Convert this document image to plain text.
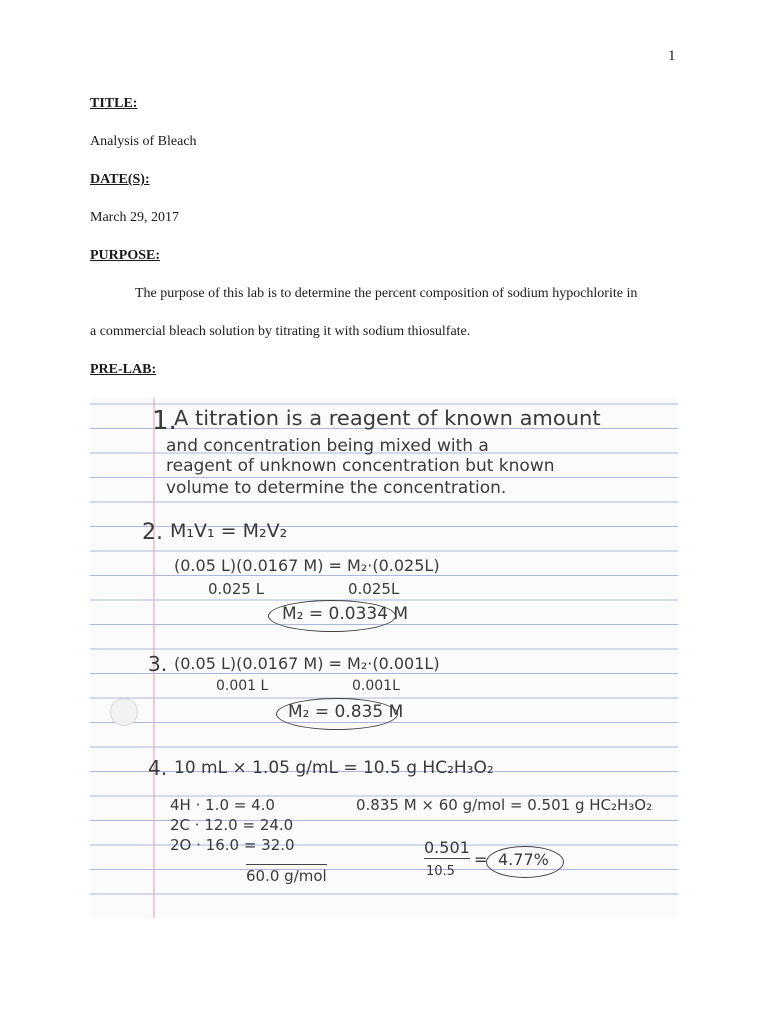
1
TITLE:
Analysis of Bleach
DATE(S):
March 29, 2017
PURPOSE:
The purpose of this lab is to determine the percent composition of sodium hypochlorite in
a commercial bleach solution by titrating it with sodium thiosulfate.
PRE-LAB:
1.
A titration is a reagent of known amount
and concentration being mixed with a
reagent of unknown concentration but known
volume to determine the concentration.
2. M₁V₁ = M₂V₂
(0.05 L)(0.0167 M) = M₂·(0.025L)
0.025 L	0.025L
M₂ = 0.0334 M
3. (0.05 L)(0.0167 M) = M₂·(0.001L)
0.001 L	0.001L
M₂ = 0.835 M
4. 10 mL × 1.05 g/mL = 10.5 g HC₂H₃O₂
4H · 1.0 = 4.0
2C · 12.0 = 24.0
2O · 16.0 = 32.0
60.0 g/mol
0.835 M × 60 g/mol = 0.501 g HC₂H₃O₂
0.501
10.5
= 4.77%
